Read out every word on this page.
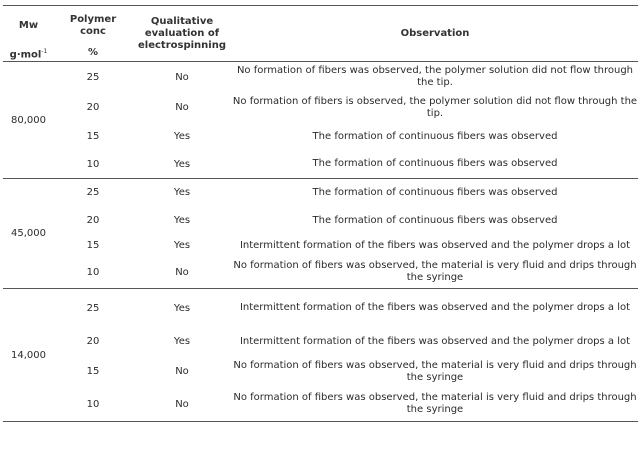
Mw	Polymer conc	Qualitative evaluation of electrospinning	Observation
g·mol$^{-1}$	%		
80,000	25	No	No formation of fibers was observed, the polymer solution did not flow through the tip.
	20	No	No formation of fibers is observed, the polymer solution did not flow through the tip.
	15	Yes	The formation of continuous fibers was observed
	10	Yes	The formation of continuous fibers was observed
45,000	25	Yes	The formation of continuous fibers was observed
	20	Yes	The formation of continuous fibers was observed
	15	Yes	Intermittent formation of the fibers was observed and the polymer drops a lot
	10	No	No formation of fibers was observed, the material is very fluid and drips through the syringe
14,000	25	Yes	Intermittent formation of the fibers was observed and the polymer drops a lot
	20	Yes	Intermittent formation of the fibers was observed and the polymer drops a lot
	15	No	No formation of fibers was observed, the material is very fluid and drips through the syringe
	10	No	No formation of fibers was observed, the material is very fluid and drips through the syringe
